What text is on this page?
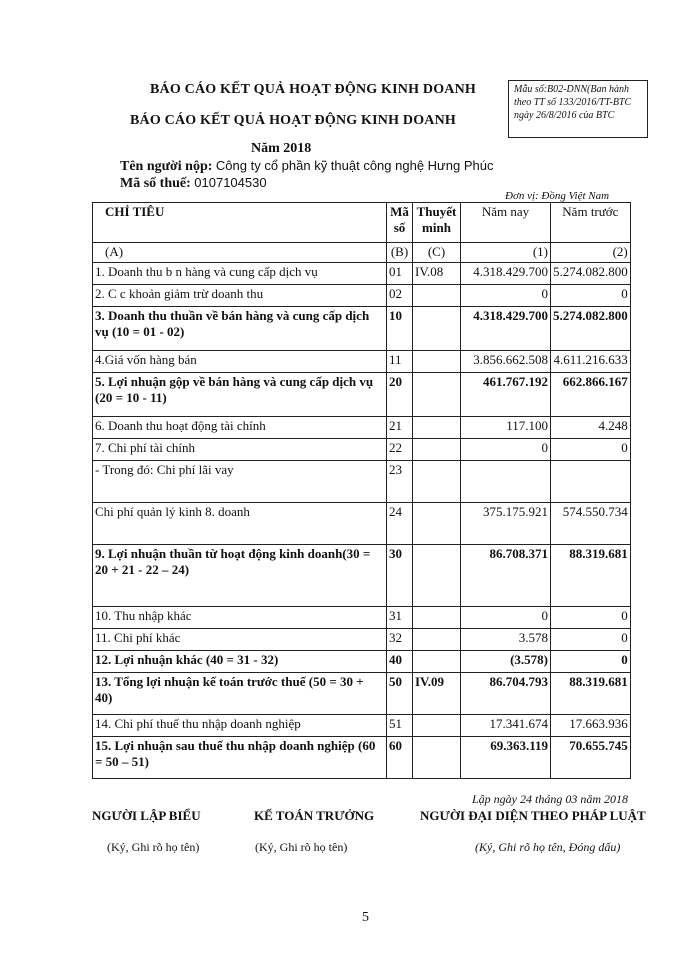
BÁO CÁO KẾT QUẢ HOẠT ĐỘNG KINH DOANH
BÁO CÁO KẾT QUẢ HOẠT ĐỘNG KINH DOANH
Mẫu số:B02-DNN(Ban hành theo TT số 133/2016/TT-BTC ngày 26/8/2016 của BTC
Năm 2018
Tên người nộp: Công ty cổ phần kỹ thuật công nghệ Hưng Phúc
Mã số thuế: 0107104530
Đơn vị: Đồng Việt Nam
CHỈ TIÊU	Mã số	Thuyết minh	Năm nay	Năm trước
(A)	(B)	(C)	(1)	(2)
1. Doanh thu b n hàng và cung cấp dịch vụ	01	IV.08	4.318.429.700	5.274.082.800
2. C c khoản giảm trừ doanh thu	02		0	0
3. Doanh thu thuần về bán hàng và cung cấp dịch vụ (10 = 01 - 02)	10		4.318.429.700	5.274.082.800
4.Giá vốn hàng bán	11		3.856.662.508	4.611.216.633
5. Lợi nhuận gộp về bán hàng và cung cấp dịch vụ (20 = 10 - 11)	20		461.767.192	662.866.167
6. Doanh thu hoạt động tài chính	21		117.100	4.248
7. Chi phí tài chính	22		0	0
- Trong đó: Chi phí lãi vay	23			
Chi phí quản lý kinh 8. doanh	24		375.175.921	574.550.734
9. Lợi nhuận thuần từ hoạt động kinh doanh(30 = 20 + 21 - 22 – 24)	30		86.708.371	88.319.681
10. Thu nhập khác	31		0	0
11. Chi phí khác	32		3.578	0
12. Lợi nhuận khác (40 = 31 - 32)	40		(3.578)	0
13. Tổng lợi nhuận kế toán trước thuế (50 = 30 + 40)	50	IV.09	86.704.793	88.319.681
14. Chi phí thuế thu nhập doanh nghiệp	51		17.341.674	17.663.936
15. Lợi nhuận sau thuế thu nhập doanh nghiệp (60 = 50 – 51)	60		69.363.119	70.655.745
Lập ngày 24 tháng 03 năm 2018
NGƯỜI LẬP BIỂU
(Ký, Ghi rõ họ tên)
KẾ TOÁN TRƯỞNG
(Ký, Ghi rõ họ tên)
NGƯỜI ĐẠI DIỆN THEO PHÁP LUẬT
(Ký, Ghi rõ họ tên, Đóng dấu)
5
